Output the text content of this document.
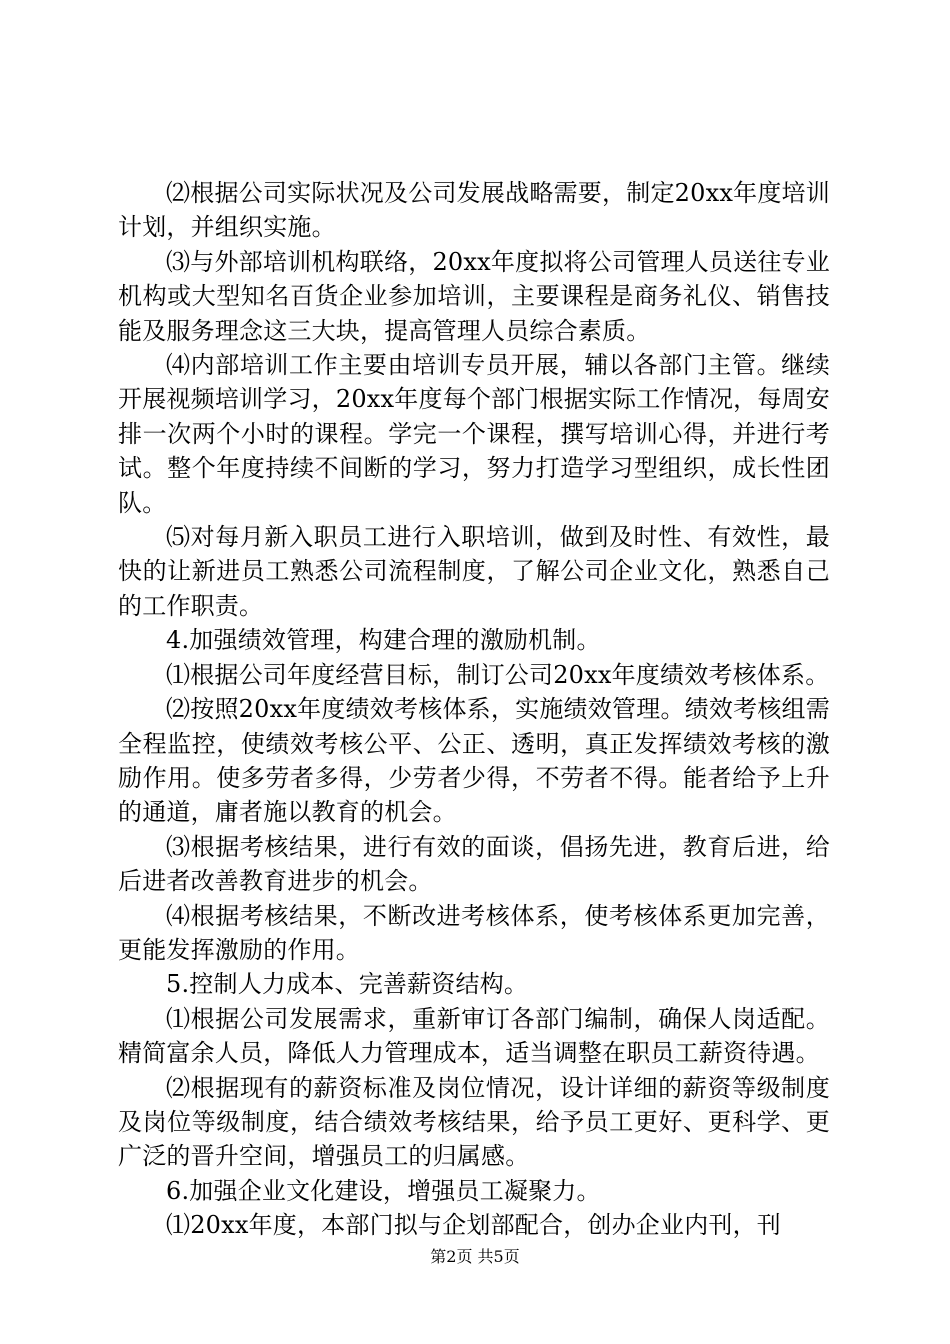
⑵根据公司实际状况及公司发展战略需要，制定20xx年度培训计划，并组织实施。

⑶与外部培训机构联络，20xx年度拟将公司管理人员送往专业机构或大型知名百货企业参加培训，主要课程是商务礼仪、销售技能及服务理念这三大块，提高管理人员综合素质。

⑷内部培训工作主要由培训专员开展，辅以各部门主管。继续开展视频培训学习，20xx年度每个部门根据实际工作情况，每周安排一次两个小时的课程。学完一个课程，撰写培训心得，并进行考试。整个年度持续不间断的学习，努力打造学习型组织，成长性团队。

⑸对每月新入职员工进行入职培训，做到及时性、有效性，最快的让新进员工熟悉公司流程制度，了解公司企业文化，熟悉自己的工作职责。

4.加强绩效管理，构建合理的激励机制。

⑴根据公司年度经营目标，制订公司20xx年度绩效考核体系。

⑵按照20xx年度绩效考核体系，实施绩效管理。绩效考核组需全程监控，使绩效考核公平、公正、透明，真正发挥绩效考核的激励作用。使多劳者多得，少劳者少得，不劳者不得。能者给予上升的通道，庸者施以教育的机会。

⑶根据考核结果，进行有效的面谈，倡扬先进，教育后进，给后进者改善教育进步的机会。

⑷根据考核结果，不断改进考核体系，使考核体系更加完善，更能发挥激励的作用。

5.控制人力成本、完善薪资结构。

⑴根据公司发展需求，重新审订各部门编制，确保人岗适配。精简富余人员，降低人力管理成本，适当调整在职员工薪资待遇。

⑵根据现有的薪资标准及岗位情况，设计详细的薪资等级制度及岗位等级制度，结合绩效考核结果，给予员工更好、更科学、更广泛的晋升空间，增强员工的归属感。

6.加强企业文化建设，增强员工凝聚力。

⑴20xx年度，本部门拟与企划部配合，创办企业内刊，刊

第2页 共5页
